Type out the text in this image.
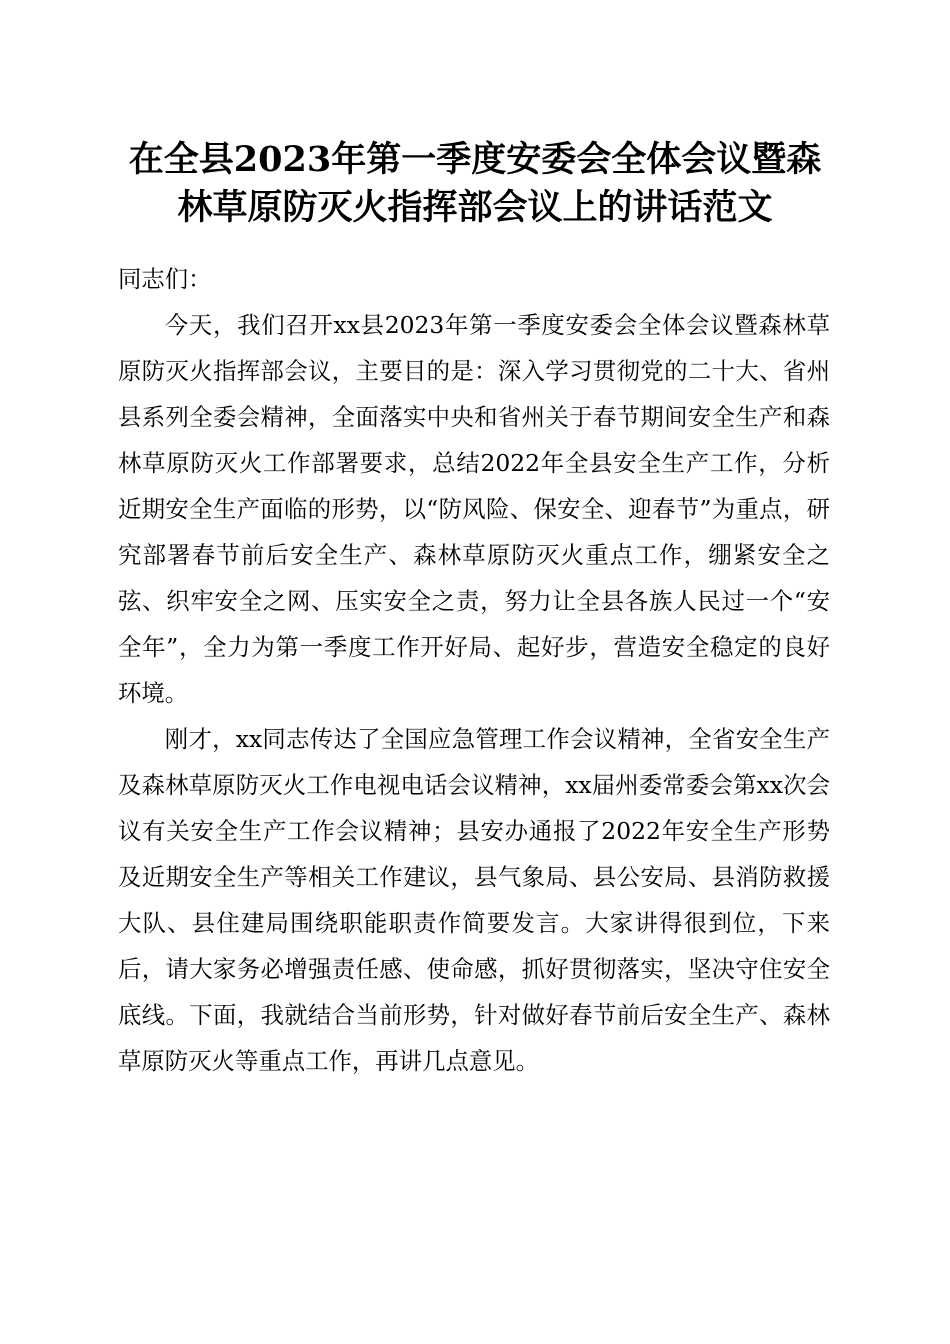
在全县2023年第一季度安委会全体会议暨森
林草原防灭火指挥部会议上的讲话范文

同志们：

今天，我们召开xx县2023年第一季度安委会全体会议暨森林草原防灭火指挥部会议，主要目的是：深入学习贯彻党的二十大、省州县系列全委会精神，全面落实中央和省州关于春节期间安全生产和森林草原防灭火工作部署要求，总结2022年全县安全生产工作，分析近期安全生产面临的形势，以“防风险、保安全、迎春节”为重点，研究部署春节前后安全生产、森林草原防灭火重点工作，绷紧安全之弦、织牢安全之网、压实安全之责，努力让全县各族人民过一个“安全年”，全力为第一季度工作开好局、起好步，营造安全稳定的良好环境。

刚才，xx同志传达了全国应急管理工作会议精神，全省安全生产及森林草原防灭火工作电视电话会议精神，xx届州委常委会第xx次会议有关安全生产工作会议精神；县安办通报了2022年安全生产形势及近期安全生产等相关工作建议，县气象局、县公安局、县消防救援大队、县住建局围绕职能职责作简要发言。大家讲得很到位，下来后，请大家务必增强责任感、使命感，抓好贯彻落实，坚决守住安全底线。下面，我就结合当前形势，针对做好春节前后安全生产、森林草原防灭火等重点工作，再讲几点意见。
